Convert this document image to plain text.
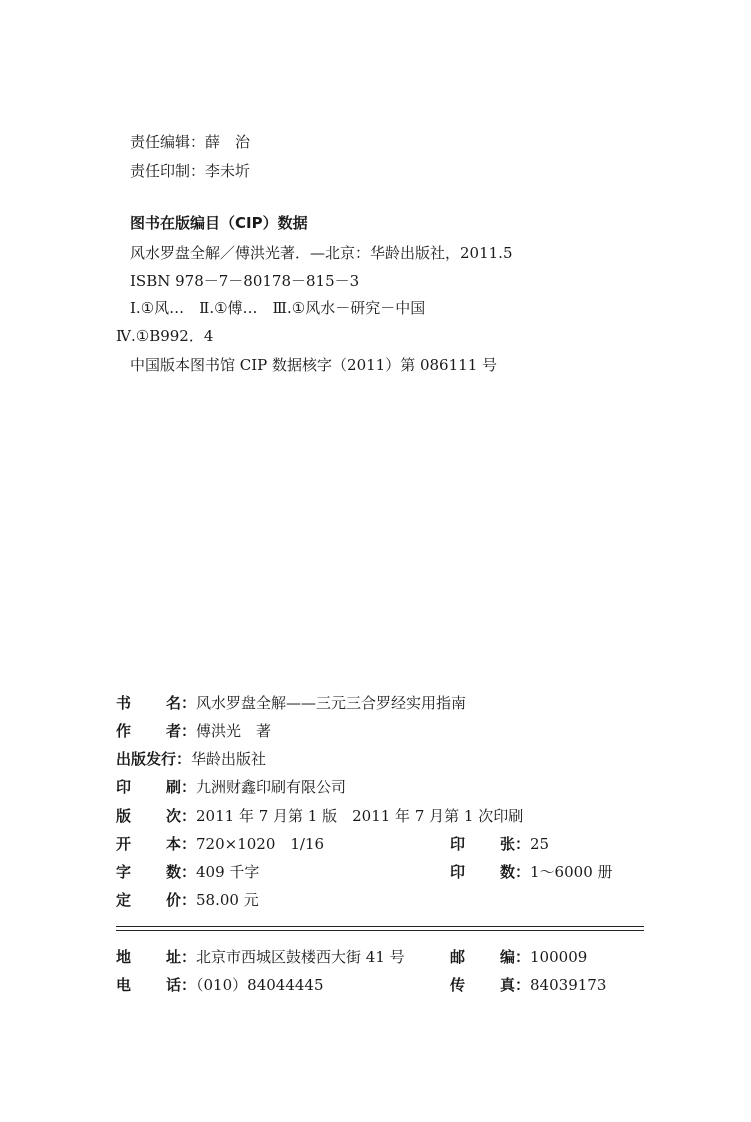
责任编辑：薛　治
责任印制：李未圻
图书在版编目（CIP）数据
风水罗盘全解／傅洪光著．—北京：华龄出版社，2011.5
ISBN 978－7－80178－815－3
Ⅰ.①风…　Ⅱ.①傅…　Ⅲ.①风水－研究－中国
Ⅳ.①B992．4
中国版本图书馆 CIP 数据核字（2011）第 086111 号
书 名：风水罗盘全解——三元三合罗经实用指南
作 者：傅洪光　著
出版发行：华龄出版社
印 刷：九洲财鑫印刷有限公司
版 次：2011 年 7 月第 1 版　2011 年 7 月第 1 次印刷
开 本：720×1020　1/16	印 张：25
字 数：409 千字	印 数：1～6000 册
定 价：58.00 元
地 址：北京市西城区鼓楼西大街 41 号	邮 编：100009
电 话：（010）84044445	传 真：84039173
